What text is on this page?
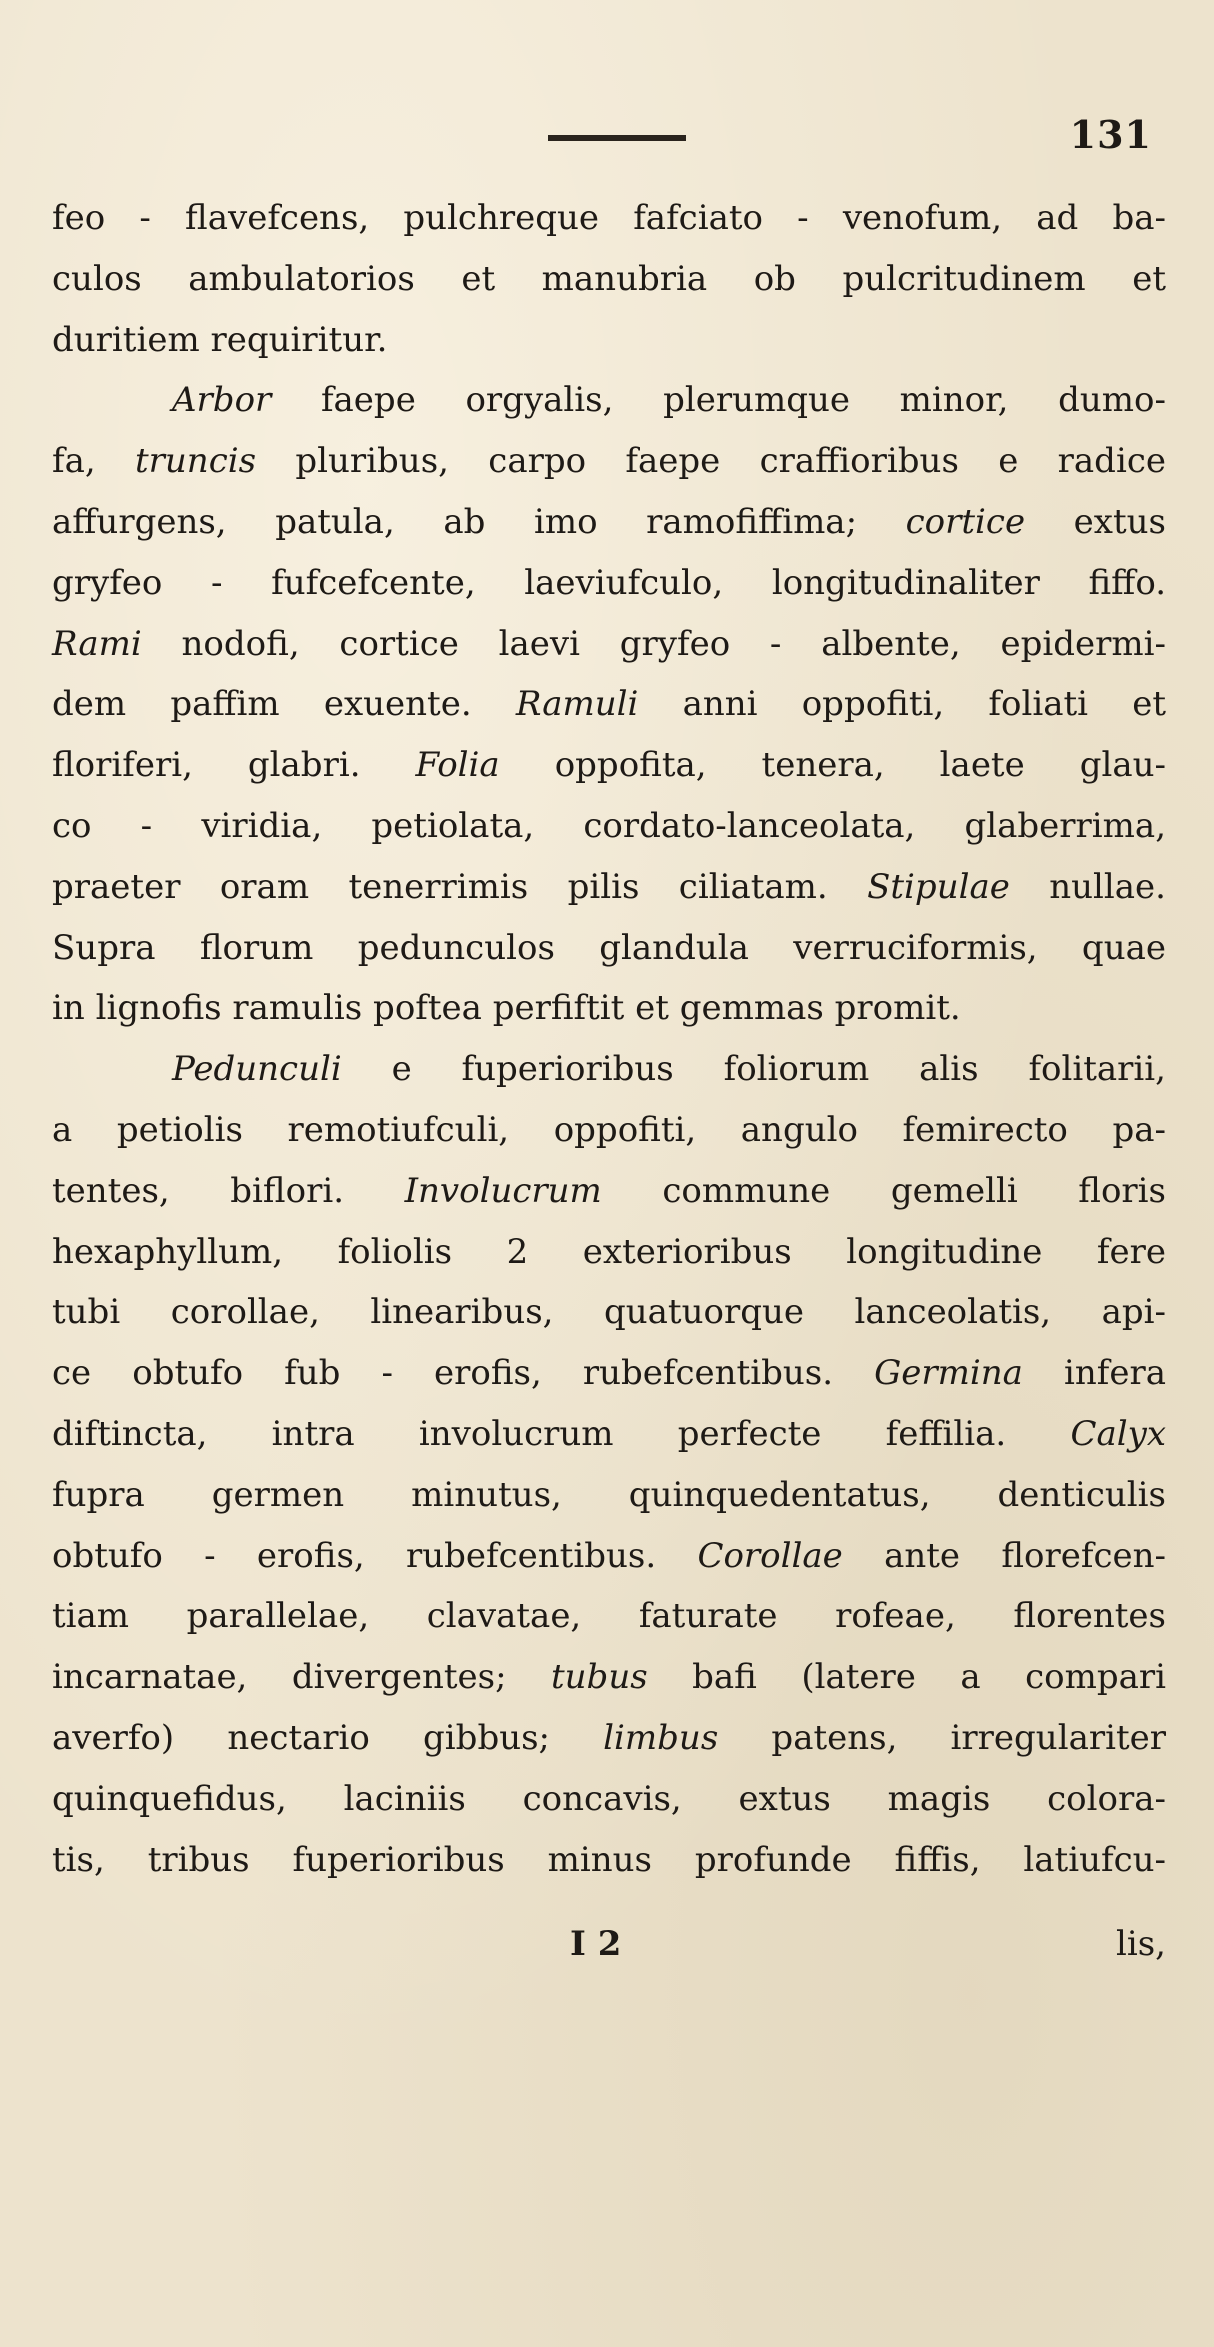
131
feo - flavefcens, pulchreque fafciato - venofum, ad ba-
culos ambulatorios et manubria ob pulcritudinem et
duritiem requiritur.
Arbor faepe orgyalis, plerumque minor, dumo-
fa, truncis pluribus, carpo faepe craffioribus e radice
affurgens, patula, ab imo ramofiffima; cortice extus
gryfeo - fufcefcente, laeviufculo, longitudinaliter fiffo.
Rami nodofi, cortice laevi gryfeo - albente, epidermi-
dem paffim exuente. Ramuli anni oppofiti, foliati et
floriferi, glabri. Folia oppofita, tenera, laete glau-
co - viridia, petiolata, cordato-lanceolata, glaberrima,
praeter oram tenerrimis pilis ciliatam. Stipulae nullae.
Supra florum pedunculos glandula verruciformis, quae
in lignofis ramulis poftea perfiftit et gemmas promit.
Pedunculi e fuperioribus foliorum alis folitarii,
a petiolis remotiufculi, oppofiti, angulo femirecto pa-
tentes, biflori. Involucrum commune gemelli floris
hexaphyllum, foliolis 2 exterioribus longitudine fere
tubi corollae, linearibus, quatuorque lanceolatis, api-
ce obtufo fub - erofis, rubefcentibus. Germina infera
diftincta, intra involucrum perfecte feffilia. Calyx
fupra germen minutus, quinquedentatus, denticulis
obtufo - erofis, rubefcentibus. Corollae ante florefcen-
tiam parallelae, clavatae, faturate rofeae, florentes
incarnatae, divergentes; tubus bafi (latere a compari
averfo) nectario gibbus; limbus patens, irregulariter
quinquefidus, laciniis concavis, extus magis colora-
tis, tribus fuperioribus minus profunde fiffis, latiufcu-
I 2	lis,
